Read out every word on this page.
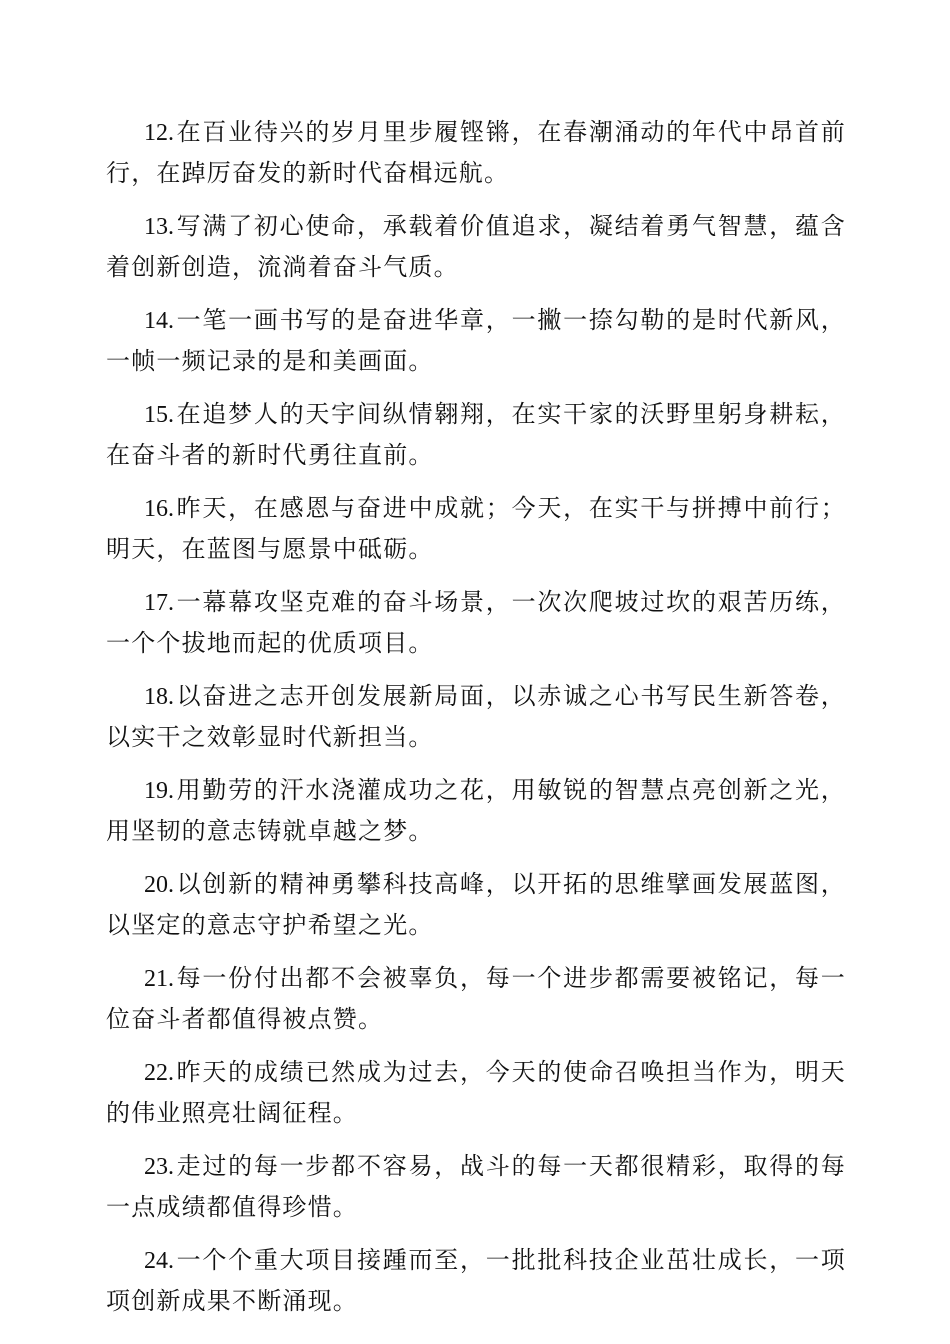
12.在百业待兴的岁月里步履铿锵，在春潮涌动的年代中昂首前行，在踔厉奋发的新时代奋楫远航。

13.写满了初心使命，承载着价值追求，凝结着勇气智慧，蕴含着创新创造，流淌着奋斗气质。

14.一笔一画书写的是奋进华章，一撇一捺勾勒的是时代新风，一帧一频记录的是和美画面。

15.在追梦人的天宇间纵情翱翔，在实干家的沃野里躬身耕耘，在奋斗者的新时代勇往直前。

16.昨天，在感恩与奋进中成就；今天，在实干与拼搏中前行；明天，在蓝图与愿景中砥砺。

17.一幕幕攻坚克难的奋斗场景，一次次爬坡过坎的艰苦历练，一个个拔地而起的优质项目。

18.以奋进之志开创发展新局面，以赤诚之心书写民生新答卷，以实干之效彰显时代新担当。

19.用勤劳的汗水浇灌成功之花，用敏锐的智慧点亮创新之光，用坚韧的意志铸就卓越之梦。

20.以创新的精神勇攀科技高峰，以开拓的思维擘画发展蓝图，以坚定的意志守护希望之光。

21.每一份付出都不会被辜负，每一个进步都需要被铭记，每一位奋斗者都值得被点赞。

22.昨天的成绩已然成为过去，今天的使命召唤担当作为，明天的伟业照亮壮阔征程。

23.走过的每一步都不容易，战斗的每一天都很精彩，取得的每一点成绩都值得珍惜。

24.一个个重大项目接踵而至，一批批科技企业茁壮成长，一项项创新成果不断涌现。
